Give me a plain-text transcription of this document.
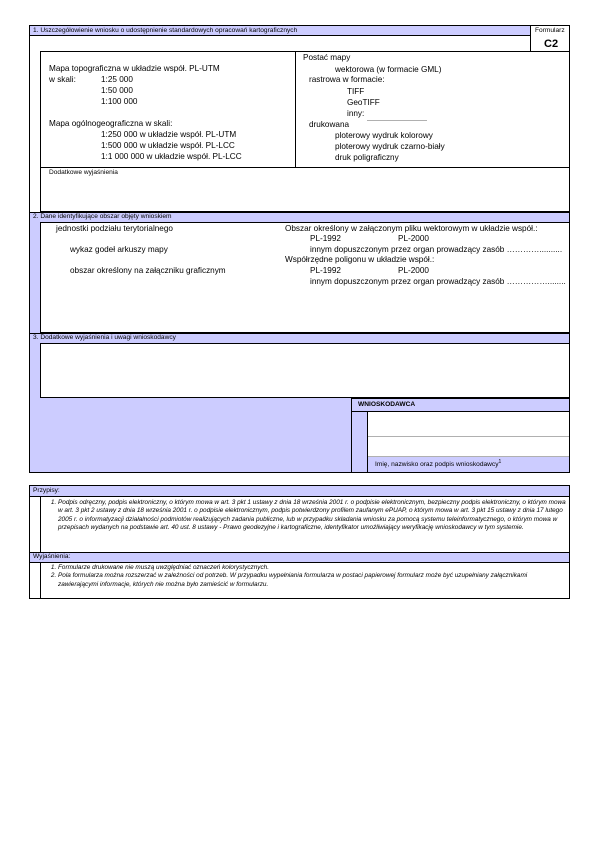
Formularz
C2
1. Uszczegółowienie wniosku o udostępnienie standardowych opracowań kartograficznych
Mapa topograficzna w układzie współ. PL-UTM
w skali:	1:25 000
1:50 000
1:100 000
Mapa ogólnogeograficzna w skali:
1:250 000 w układzie współ. PL-UTM
1:500 000 w układzie współ. PL-LCC
1:1 000 000 w układzie współ. PL-LCC
Postać mapy
wektorowa (w formacie GML)
rastrowa w formacie:
TIFF
GeoTIFF
inny:
drukowana
ploterowy wydruk kolorowy
ploterowy wydruk czarno-biały
druk poligraficzny
Dodatkowe wyjaśnienia
2. Dane identyfikujące obszar objęty wnioskiem
jednostki podziału terytorialnego
wykaz godeł arkuszy mapy
obszar określony na załączniku graficznym
Obszar określony w załączonym pliku wektorowym w układzie współ.:
PL-1992	PL-2000
innym dopuszczonym przez organ prowadzący zasób …………..........
Współrzędne poligonu w układzie współ.:
PL-1992	PL-2000
innym dopuszczonym przez organ prowadzący zasób ……………........
3. Dodatkowe wyjaśnienia i uwagi wnioskodawcy
WNIOSKODAWCA
Imię, nazwisko oraz podpis wnioskodawcy$^1$
Przypisy:
1. Podpis odręczny, podpis elektroniczny, o którym mowa w art. 3 pkt 1 ustawy z dnia 18 września 2001 r. o podpisie elektronicznym, bezpieczny podpis elektroniczny, o którym mowa w art. 3 pkt 2 ustawy z dnia 18 września 2001 r. o podpisie elektronicznym, podpis potwierdzony profilem zaufanym ePUAP, o którym mowa w art. 3 pkt 15 ustawy z dnia 17 lutego 2005 r. o informatyzacji działalności podmiotów realizujących zadania publiczne, lub w przypadku składania wniosku za pomocą systemu teleinformatycznego, o którym mowa w przepisach wydanych na podstawie art. 40 ust. 8 ustawy - Prawo geodezyjne i kartograficzne, identyfikator umożliwiający weryfikację wnioskodawcy w tym systemie.
Wyjaśnienia:
1. Formularze drukowane nie muszą uwzględniać oznaczeń kolorystycznych.
2. Pola formularza można rozszerzać w zależności od potrzeb. W przypadku wypełniania formularza w postaci papierowej formularz może być uzupełniany załącznikami zawierającymi informacje, których nie można było zamieścić w formularzu.
